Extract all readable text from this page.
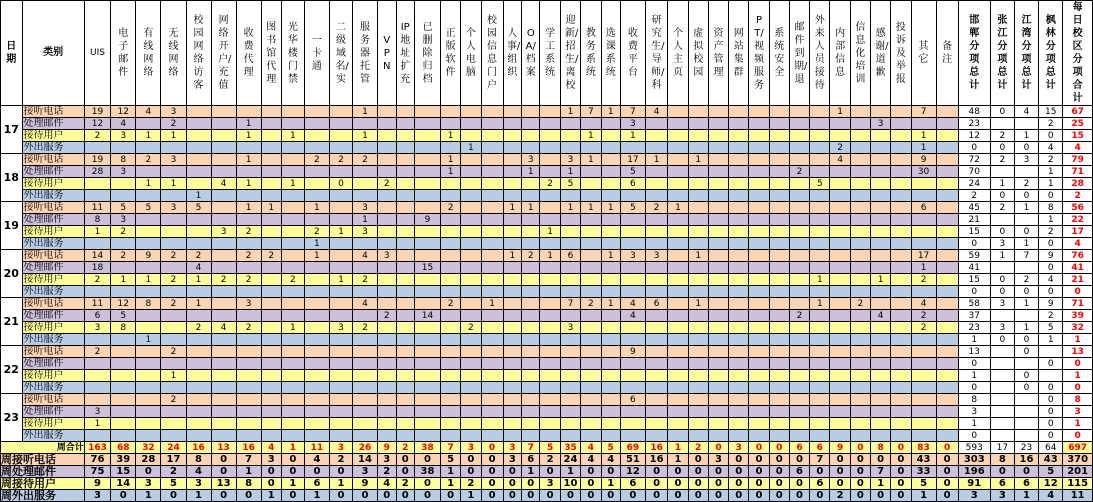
日期	类别	UIS	电子邮件	有线网络	无线网络	校园网络访客	网络开户/充值	收费代理	图书馆代理	光华楼门禁	一卡通	二级域名/实	服务器托管	VPN	IP地址扩充	已删除归档	正版软件	个人电脑	校园信息门户	人事/组织	OA/档案	学工系统	迎新/招生/离校	教务系统	选课系统	收费平台	研究生/导师/科	个人主页	虚拟校园	资产管理	网站集群	PT/视频服务	系统安全	邮件到期/退	外来人员接待	内部信息	信息化培训	感谢/道歉	投诉及举报	其它	备注	邯郸分项总计	张江分项总计	江湾分项总计	枫林分项总计	每日校区分项合计
17	接听电话	19	12	4	3								1										1	7	1	7	4									1				7		48	0	4	15	67
	处理邮件	12	4		2			1																		3												3				23			2	25
	接待用户	2	3	1	1			1		1			1				1							1		1														1		12	2	1	0	15
	外出服务																	1																		2				1		0	0	0	4	4
18	接听电话	19	8	2	3			1			2	2	2				1				3		3	1		17	1		1							4				9		72	2	3	2	79
	处理邮件	28	3														1				1		1			5								2						30		70			1	71
	接待用户			1	1		4	1		1		0		2								2	5			6									5							24	1	2	1	28
	外出服务					1																																				2	0	0	0	2
19	接听电话	11	5	5	3	5		1	1		1		3				2			1	1		1	1	1	5	2	1												6		45	2	1	8	56
	处理邮件	8	3										1			9																										21			1	22
	接待用户	1	2				3	2			2	1	3									1																				15	0	0	2	17
	外出服务										1																															0	3	1	0	4
20	接听电话	14	2	9	2	2		2	2		1		4	3						1	2	1	6		1	3	3		1											17		59	1	7	9	76
	处理邮件	18				4										15																								1		41			0	41
	接待用户	2	1	1	2	1	2	2		2		1	2																						1			1		2		15	0	2	4	21
	外出服务																																									0	0	0	0	0
21	接听电话	11	12	8	2	1		3					4				2		1				7	2	1	4	6		1						1		2			4		58	3	1	9	71
	处理邮件	6	5											2		14										4								2				4		2		37			2	39
	接待用户	3	8			2	4	2		1		3	2					2					3																	2		23	3	1	5	32
	外出服务			1																																						1	0	0	1	1
22	接听电话	2			2																					9																13		0		13
	处理邮件																																									0			0	0
	接待用户				1																																					1		0		1
	外出服务																																									0		0	0	0
23	接听电话				2																					6																8			0	8
	处理邮件	3																																								3			0	3
	接待用户	1																																								1			0	1
	外出服务																																									0			0	0
周合计		163	68	32	24	16	13	16	4	1	11	3	26	9	2	38	7	3	0	3	7	5	35	4	5	69	16	1	2	0	3	0	0	6	6	9	0	8	0	83	0	593	17	23	64	697
周接听电话		76	39	28	17	8	0	7	3	0	4	2	14	3	0	0	5	0	0	3	6	2	24	4	4	51	16	1	0	3	0	0	0	0	7	0	0	0	0	43	0	303	8	16	43	370
周处理邮件		75	15	0	2	4	0	1	0	0	0	0	3	2	0	38	1	0	0	0	1	0	1	0	0	12	0	0	0	0	0	0	0	6	0	0	0	7	0	33	0	196	0	0	5	201
周接待用户		9	14	3	5	3	13	8	0	1	6	1	9	4	2	0	1	2	0	0	0	3	10	0	1	6	0	0	0	0	0	0	0	0	6	0	0	1	0	5	0	91	6	6	12	115
周外出服务		3	0	1	0	1	0	0	1	0	1	0	0	0	0	0	0	1	0	0	0	0	0	0	0	0	0	0	0	0	0	0	0	0	0	2	0	0	0	1	0	3	3	1	4	11
